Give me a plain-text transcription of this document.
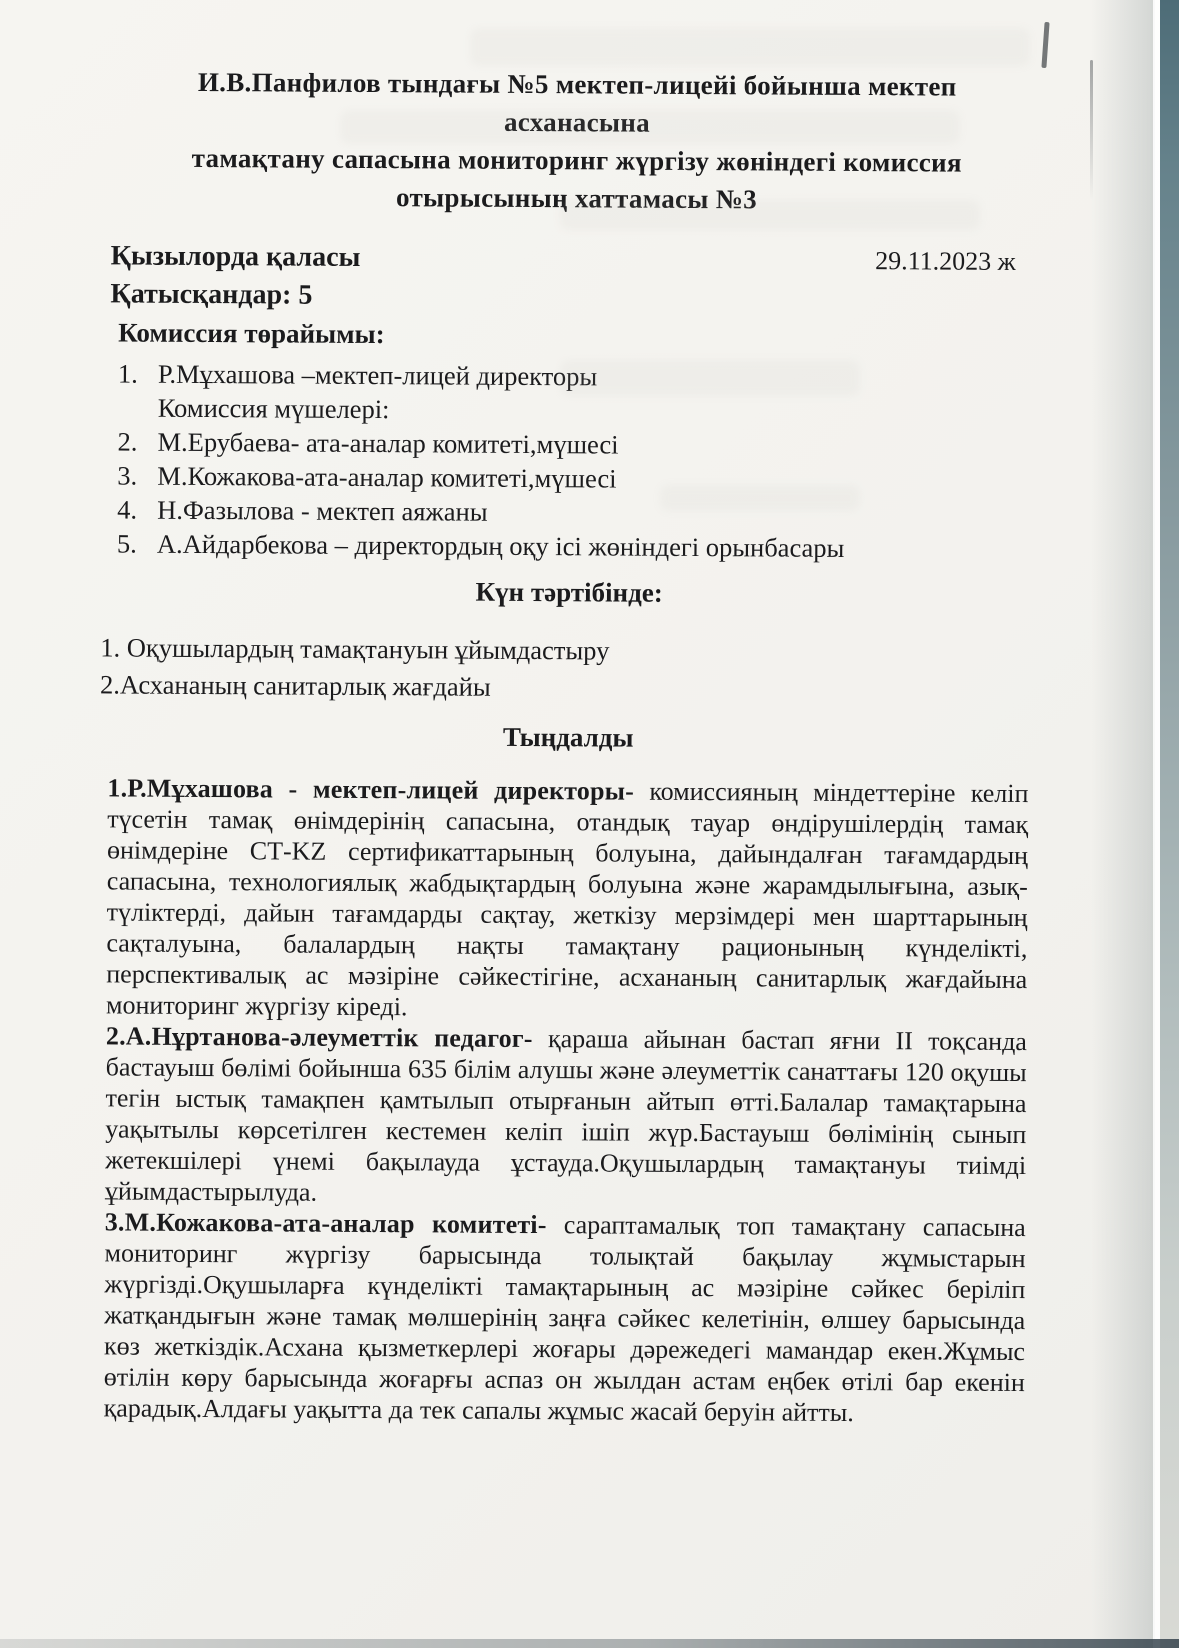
И.В.Панфилов тындағы №5 мектеп-лицейі бойынша мектеп асханасына
тамақтану сапасына мониторинг жүргізу жөніндегі комиссия
отырысының хаттамасы №3
Қызылорда қаласы	29.11.2023 ж
Қатысқандар: 5
Комиссия төрайымы:
1. Р.Мұхашова –мектеп-лицей директоры
Комиссия мүшелері:
2. М.Ерубаева- ата-аналар комитеті,мүшесі
3. М.Кожакова-ата-аналар комитеті,мүшесі
4. Н.Фазылова - мектеп аяжаны
5. А.Айдарбекова – директордың оқу ісі жөніндегі орынбасары
Күн тәртібінде:
1. Оқушылардың тамақтануын ұйымдастыру
2.Асхананың санитарлық жағдайы
Тыңдалды

1.Р.Мұхашова - мектеп-лицей директоры- комиссияның міндеттеріне келіп түсетін тамақ өнімдерінің сапасына, отандық тауар өндірушілердің тамақ өнімдеріне СТ-KZ сертификаттарының болуына, дайындалған тағамдардың сапасына, технологиялық жабдықтардың болуына және жарамдылығына, азық-түліктерді, дайын тағамдарды сақтау, жеткізу мерзімдері мен шарттарының сақталуына, балалардың нақты тамақтану рационының күнделікті, перспективалық ас мәзіріне сәйкестігіне, асхананың санитарлық жағдайына мониторинг жүргізу кіреді.

2.А.Нұртанова-әлеуметтік педагог- қараша айынан бастап яғни II тоқсанда бастауыш бөлімі бойынша 635 білім алушы және әлеуметтік санаттағы 120 оқушы тегін ыстық тамақпен қамтылып отырғанын айтып өтті.Балалар тамақтарына уақытылы көрсетілген кестемен келіп ішіп жүр.Бастауыш бөлімінің сынып жетекшілері үнемі бақылауда ұстауда.Оқушылардың тамақтануы тиімді ұйымдастырылуда.

3.М.Кожакова-ата-аналар комитеті- сараптамалық топ тамақтану сапасына мониторинг жүргізу барысында толықтай бақылау жұмыстарын жүргізді.Оқушыларға күнделікті тамақтарының ас мәзіріне сәйкес беріліп жатқандығын және тамақ мөлшерінің заңға сәйкес келетінін, өлшеу барысында көз жеткіздік.Асхана қызметкерлері жоғары дәрежедегі мамандар екен.Жұмыс өтілін көру барысында жоғарғы аспаз он жылдан астам еңбек өтілі бар екенін қарадық.Алдағы уақытта да тек сапалы жұмыс жасай беруін айтты.
